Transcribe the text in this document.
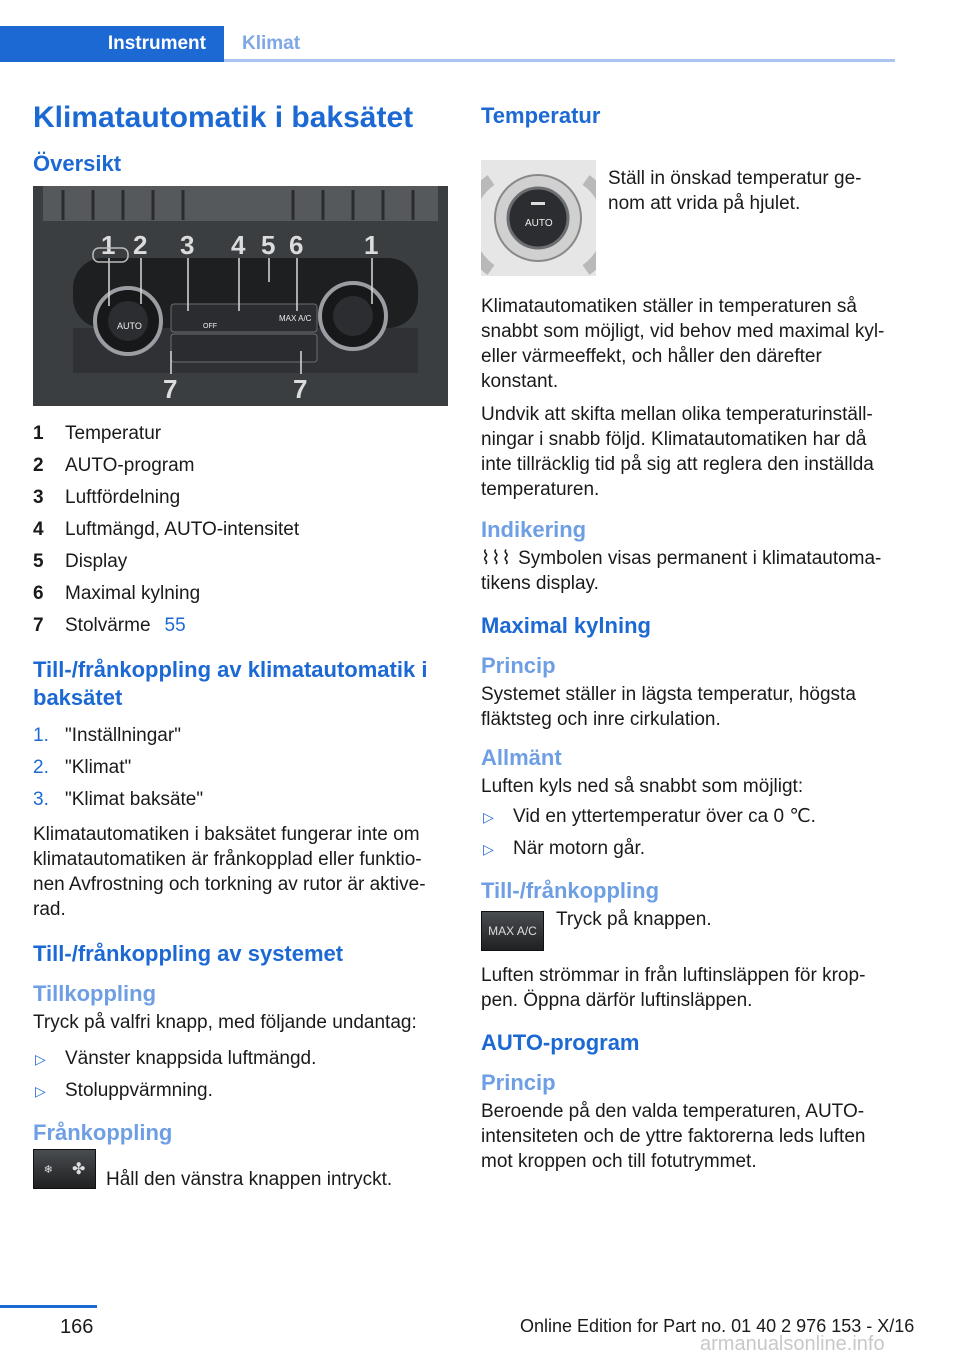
Instrument	Klimat
Klimatautomatik i baksätet
Översikt
1 2 3 4 5 6 1
7	7
AUTO
MAX A/C
OFF
1	Temperatur
2	AUTO-program
3	Luftfördelning
4	Luftmängd, AUTO-intensitet
5	Display
6	Maximal kylning
7	Stolvärme 55
Till-/frånkoppling av klimatautomatik i baksätet
1. "Inställningar"
2. "Klimat"
3. "Klimat baksäte"

Klimatautomatiken i baksätet fungerar inte om klimatautomatiken är frånkopplad eller funktio-nen Avfrostning och torkning av rutor är aktive-rad.

Till-/frånkoppling av systemet
Tillkoppling

Tryck på valfri knapp, med följande undantag:

▷	Vänster knappsida luftmängd.
▷	Stoluppvärmning.
Frånkoppling
❄ ✤	Håll den vänstra knappen intryckt.
Temperatur
AUTO
Ställ in önskad temperatur ge-nom att vrida på hjulet.

Klimatautomatiken ställer in temperaturen så snabbt som möjligt, vid behov med maximal kyl- eller värmeeffekt, och håller den därefter konstant.

Undvik att skifta mellan olika temperaturinställ-ningar i snabb följd. Klimatautomatiken har då inte tillräcklig tid på sig att reglera den inställda temperaturen.

Indikering

⌇⌇⌇ Symbolen visas permanent i klimatautoma-tikens display.

Maximal kylning
Princip

Systemet ställer in lägsta temperatur, högsta fläktsteg och inre cirkulation.

Allmänt

Luften kyls ned så snabbt som möjligt:

▷	Vid en yttertemperatur över ca 0 ℃.
▷	När motorn går.
Till-/frånkoppling
MAX A/C
Tryck på knappen.

Luften strömmar in från luftinsläppen för krop-pen. Öppna därför luftinsläppen.

AUTO-program
Princip

Beroende på den valda temperaturen, AUTO-intensiteten och de yttre faktorerna leds luften mot kroppen och till fotutrymmet.

166	Online Edition for Part no. 01 40 2 976 153 - X/16
armanualsonline.info
